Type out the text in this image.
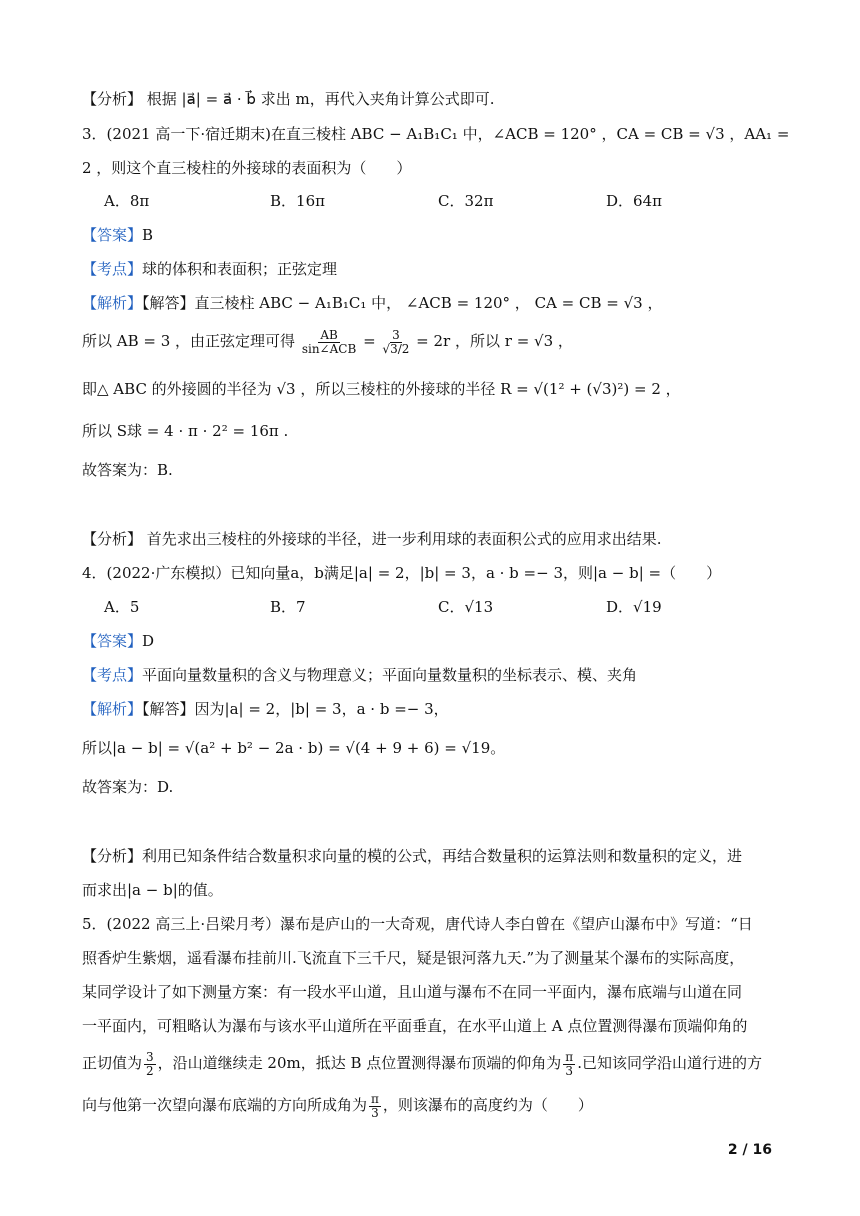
【分析】 根据 |a⃗| = a⃗ · b⃗ 求出 m，再代入夹角计算公式即可.
3．(2021 高一下·宿迁期末)在直三棱柱 ABC − A₁B₁C₁ 中，∠ACB = 120° ，CA = CB = √3 ，AA₁ =
2 ，则这个直三棱柱的外接球的表面积为（　　）
A．8π	B．16π	C．32π	D．64π
【答案】B
【考点】球的体积和表面积；正弦定理
【解析】【解答】直三棱柱 ABC − A₁B₁C₁ 中， ∠ACB = 120° ， CA = CB = √3 ，
所以 AB = 3 ，由正弦定理可得 $\frac{AB}{\text{sin∠ACB}} = \frac{3}{√3/2} = 2r$ ，所以 r = √3 ，
即△ ABC 的外接圆的半径为 √3 ，所以三棱柱的外接球的半径 R = √(1² + (√3)²) = 2 ，
所以 S球 = 4 · π · 2² = 16π .
故答案为：B.
【分析】 首先求出三棱柱的外接球的半径，进一步利用球的表面积公式的应用求出结果.
4．(2022·广东模拟）已知向量a，b满足|a| = 2，|b| = 3，a · b =− 3，则|a − b| =（　　）
A．5	B．7	C．√13	D．√19
【答案】D
【考点】平面向量数量积的含义与物理意义；平面向量数量积的坐标表示、模、夹角
【解析】【解答】因为|a| = 2，|b| = 3，a · b =− 3，
所以|a − b| = √(a² + b² − 2a · b) = √(4 + 9 + 6) = √19。
故答案为：D.
【分析】利用已知条件结合数量积求向量的模的公式，再结合数量积的运算法则和数量积的定义，进
而求出|a − b|的值。
5．(2022 高三上·吕梁月考）瀑布是庐山的一大奇观，唐代诗人李白曾在《望庐山瀑布中》写道：“日
照香炉生紫烟，遥看瀑布挂前川.飞流直下三千尺，疑是银河落九天.”为了测量某个瀑布的实际高度，
某同学设计了如下测量方案：有一段水平山道，且山道与瀑布不在同一平面内，瀑布底端与山道在同
一平面内，可粗略认为瀑布与该水平山道所在平面垂直，在水平山道上 A 点位置测得瀑布顶端仰角的
正切值为 $\frac{3}{2}$ ，沿山道继续走 20m，抵达 B 点位置测得瀑布顶端的仰角为 $\frac{\pi}{3}$ .已知该同学沿山道行进的方
向与他第一次望向瀑布底端的方向所成角为 $\frac{\pi}{3}$ ，则该瀑布的高度约为（　　）
2 / 16
